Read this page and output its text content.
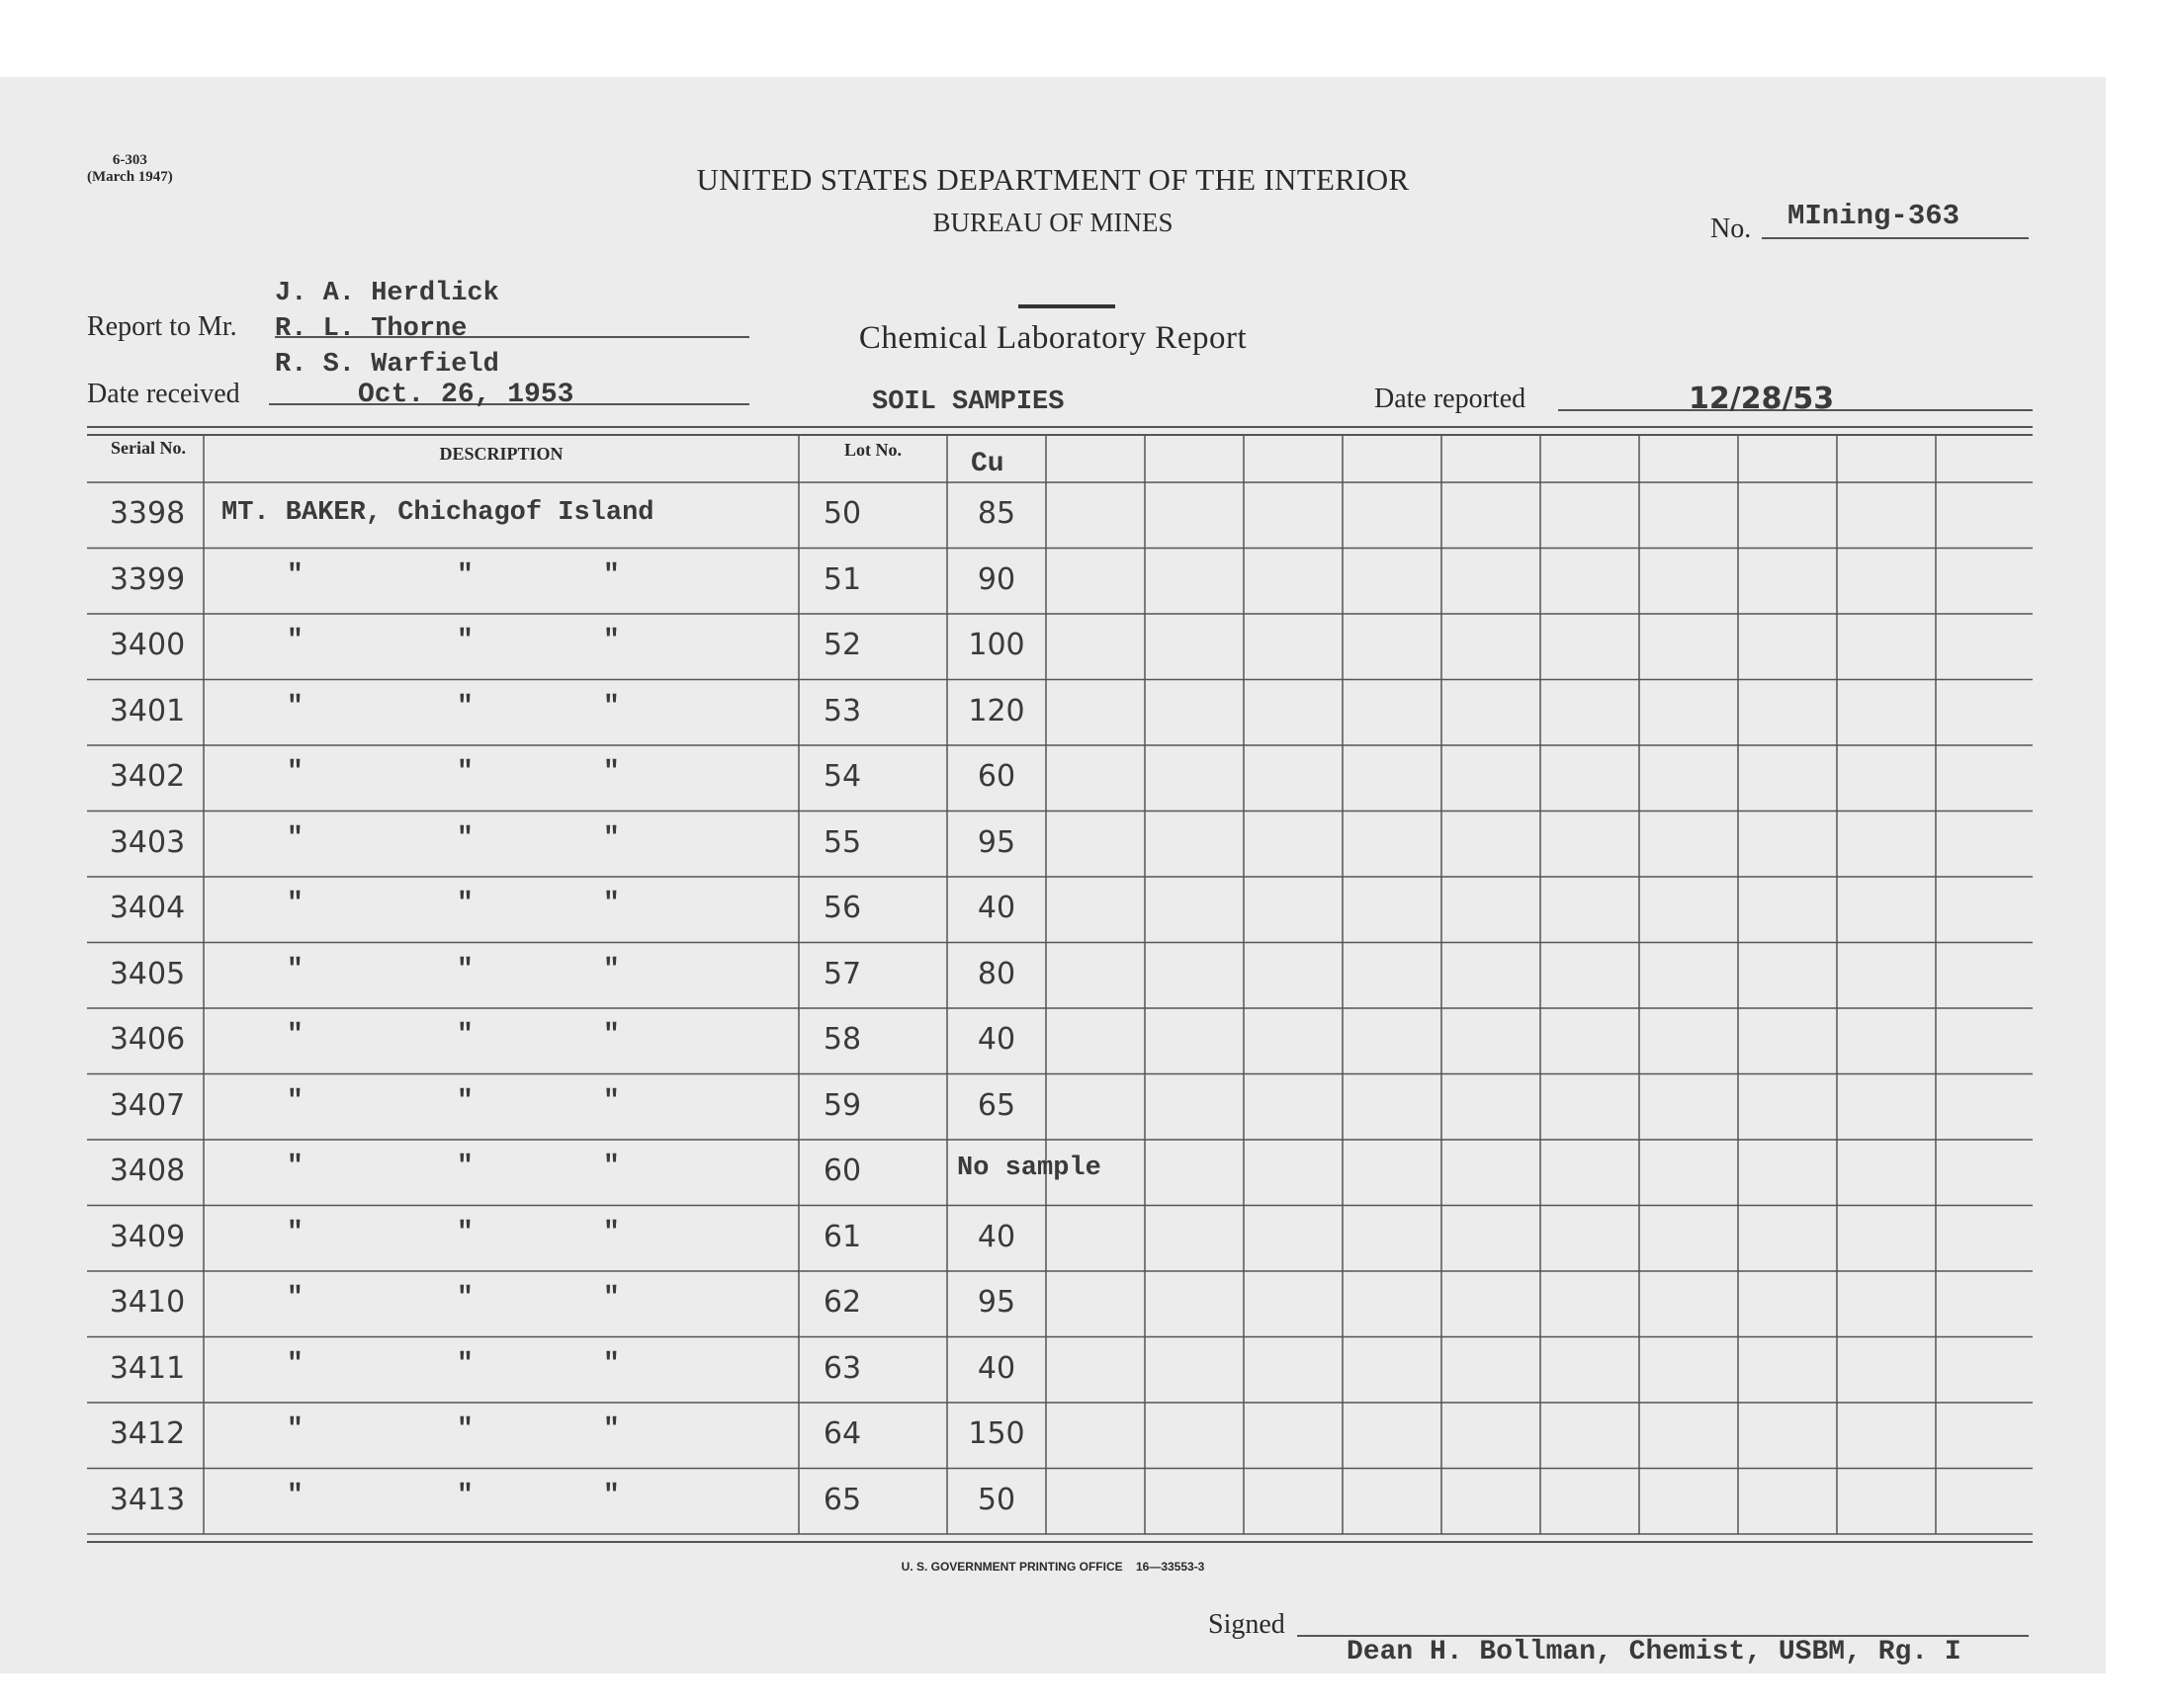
6-303
(March 1947)	UNITED STATES DEPARTMENT OF THE INTERIOR
BUREAU OF MINES	No. MIning-363
Chemical Laboratory Report
Report to Mr.
J. A. Herdlick
R. L. Thorne
R. S. Warfield
Date received	Oct. 26, 1953	SOIL SAMPIES	Date reported	12/28/53
Serial No.	DESCRIPTION	Lot No.	Cu
3398	MT. BAKER, Chichagof Island	50	85
3399	"	"	"	51	90
3400	"	"	"	52	100
3401	"	"	"	53	120
3402	"	"	"	54	60
3403	"	"	"	55	95
3404	"	"	"	56	40
3405	"	"	"	57	80
3406	"	"	"	58	40
3407	"	"	"	59	65
3408	"	"	"	60	No sample
3409	"	"	"	61	40
3410	"	"	"	62	95
3411	"	"	"	63	40
3412	"	"	"	64	150
3413	"	"	"	65	50
U. S. GOVERNMENT PRINTING OFFICE    16—33553-3
Signed
Dean H. Bollman, Chemist, USBM, Rg. I
